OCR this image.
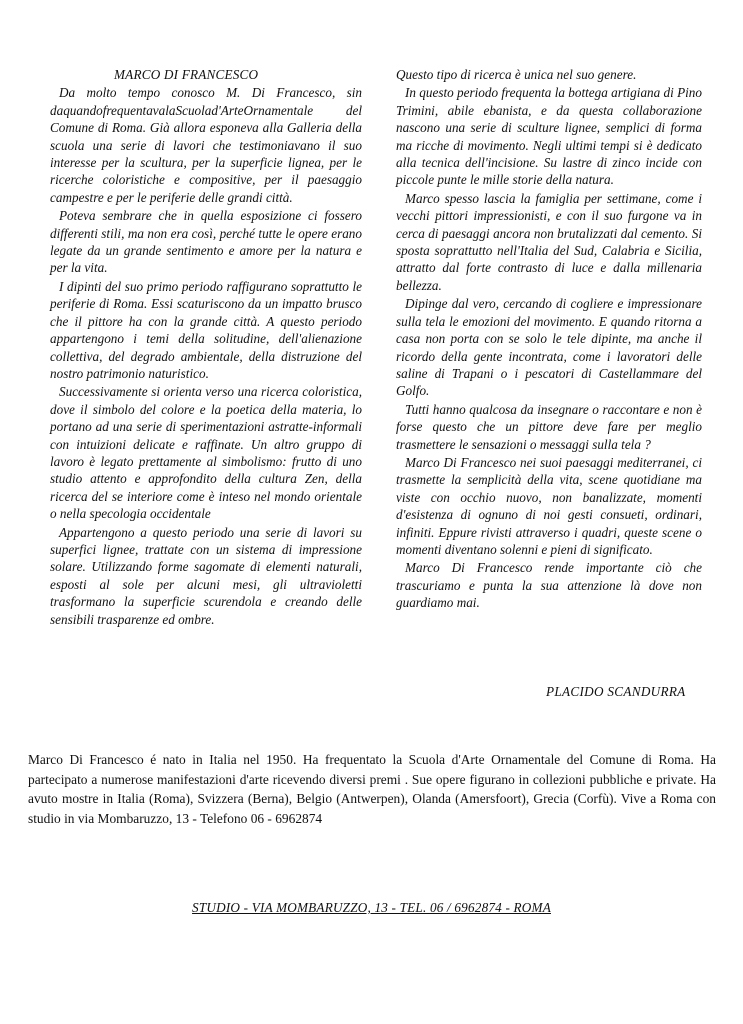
MARCO DI FRANCESCO

Da molto tempo conosco M. Di Francesco, sin daquandofrequentavalaScuolad'ArteOrnamentale del Comune di Roma. Già allora esponeva alla Galleria della scuola una serie di lavori che testimoniavano il suo interesse per la scultura, per la superficie lignea, per le ricerche coloristiche e compositive, per il paesaggio campestre e per le periferie delle grandi città.

Poteva sembrare che in quella esposizione ci fossero differenti stili, ma non era così, perché tutte le opere erano legate da un grande sentimento e amore per la natura e per la vita.

I dipinti del suo primo periodo raffigurano soprattutto le periferie di Roma. Essi scaturiscono da un impatto brusco che il pittore ha con la grande città. A questo periodo appartengono i temi della solitudine, dell'alienazione collettiva, del degrado ambientale, della distruzione del nostro patrimonio naturistico.

Successivamente si orienta verso una ricerca coloristica, dove il simbolo del colore e la poetica della materia, lo portano ad una serie di sperimentazioni astratte-informali con intuizioni delicate e raffinate. Un altro gruppo di lavoro è legato prettamente al simbolismo: frutto di uno studio attento e approfondito della cultura Zen, della ricerca del se interiore come è inteso nel mondo orientale o nella specologia occidentale

Appartengono a questo periodo una serie di lavori su superfici lignee, trattate con un sistema di impressione solare. Utilizzando forme sagomate di elementi naturali, esposti al sole per alcuni mesi, gli ultravioletti trasformano la superficie scurendola e creando delle sensibili trasparenze ed ombre.

Questo tipo di ricerca è unica nel suo genere.

In questo periodo frequenta la bottega artigiana di Pino Trimini, abile ebanista, e da questa collaborazione nascono una serie di sculture lignee, semplici di forma ma ricche di movimento. Negli ultimi tempi si è dedicato alla tecnica dell'incisione. Su lastre di zinco incide con piccole punte le mille storie della natura.

Marco spesso lascia la famiglia per settimane, come i vecchi pittori impressionisti, e con il suo furgone va in cerca di paesaggi ancora non brutalizzati dal cemento. Si sposta soprattutto nell'Italia del Sud, Calabria e Sicilia, attratto dal forte contrasto di luce e dalla millenaria bellezza.

Dipinge dal vero, cercando di cogliere e impressionare sulla tela le emozioni del movimento. E quando ritorna a casa non porta con se solo le tele dipinte, ma anche il ricordo della gente incontrata, come i lavoratori delle saline di Trapani o i pescatori di Castellammare del Golfo.

Tutti hanno qualcosa da insegnare o raccontare e non è forse questo che un pittore deve fare per meglio trasmettere le sensazioni o messaggi sulla tela ?

Marco Di Francesco nei suoi paesaggi mediterranei, ci trasmette la semplicità della vita, scene quotidiane ma viste con occhio nuovo, non banalizzate, momenti d'esistenza di ognuno di noi gesti consueti, ordinari, infiniti. Eppure rivisti attraverso i quadri, queste scene o momenti diventano solenni e pieni di significato.

Marco Di Francesco rende importante ciò che trascuriamo e punta la sua attenzione là dove non guardiamo mai.

PLACIDO SCANDURRA
Marco Di Francesco é nato in Italia nel 1950. Ha frequentato la Scuola d'Arte Ornamentale del Comune di Roma. Ha partecipato a numerose manifestazioni d'arte ricevendo diversi premi . Sue opere figurano in collezioni pubbliche e private. Ha avuto mostre in Italia (Roma), Svizzera (Berna), Belgio (Antwerpen), Olanda (Amersfoort), Grecia (Corfù). Vive a Roma con studio in via Mombaruzzo, 13 - Telefono 06 - 6962874
STUDIO - VIA MOMBARUZZO, 13 - TEL. 06 / 6962874 - ROMA
